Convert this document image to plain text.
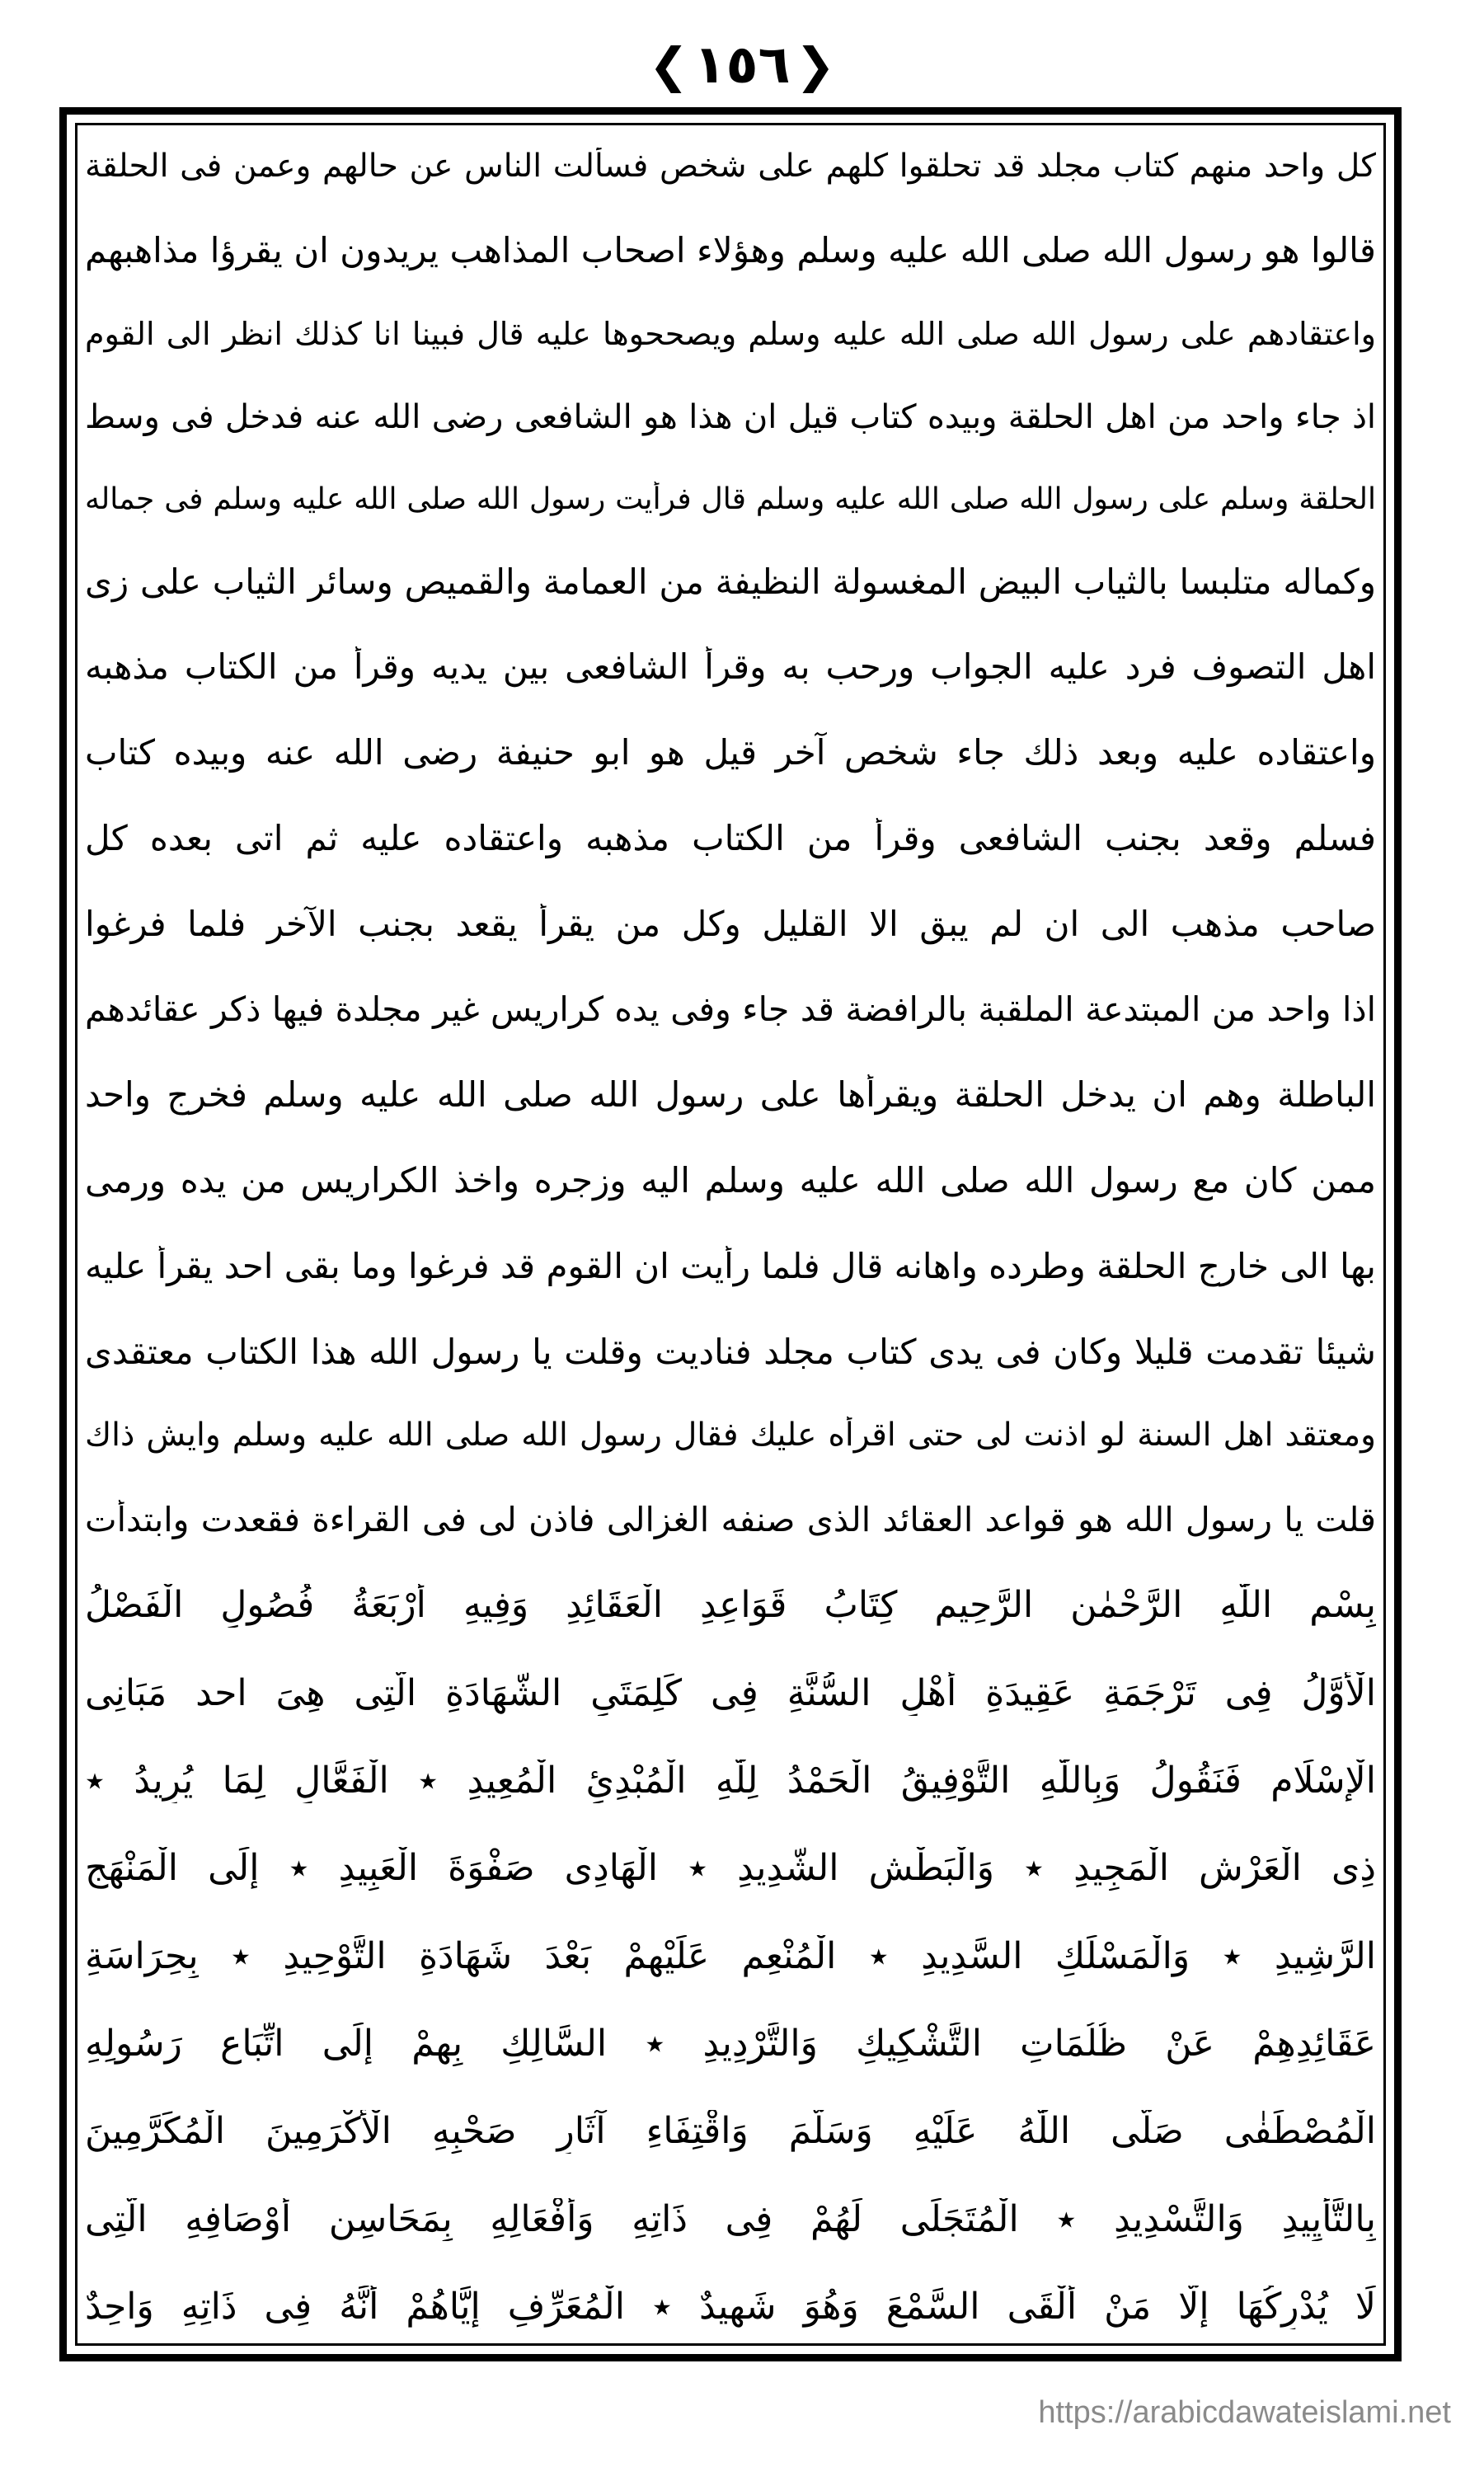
❮ ١٥٦ ❯
كل واحد منهم كتاب مجلد قد تحلقوا كلهم على شخص فسألت الناس عن حالهم وعمن فى الحلقة
قالوا هو رسول الله صلى الله عليه وسلم وهؤلاء اصحاب المذاهب يريدون ان يقرؤا مذاهبهم
واعتقادهم على رسول الله صلى الله عليه وسلم ويصححوها عليه قال فبينا انا كذلك انظر الى القوم
اذ جاء واحد من اهل الحلقة وبيده كتاب قيل ان هذا هو الشافعى رضى الله عنه فدخل فى وسط
الحلقة وسلم على رسول الله صلى الله عليه وسلم قال فرأيت رسول الله صلى الله عليه وسلم فى جماله
وكماله متلبسا بالثياب البيض المغسولة النظيفة من العمامة والقميص وسائر الثياب على زى
اهل التصوف فرد عليه الجواب ورحب به وقرأ الشافعى بين يديه وقرأ من الكتاب مذهبه
واعتقاده عليه وبعد ذلك جاء شخص آخر قيل هو ابو حنيفة رضى الله عنه وبيده كتاب
فسلم وقعد بجنب الشافعى وقرأ من الكتاب مذهبه واعتقاده عليه ثم اتى بعده كل
صاحب مذهب الى ان لم يبق الا القليل وكل من يقرأ يقعد بجنب الآخر فلما فرغوا
اذا واحد من المبتدعة الملقبة بالرافضة قد جاء وفى يده كراريس غير مجلدة فيها ذكر عقائدهم
الباطلة وهم ان يدخل الحلقة ويقرأها على رسول الله صلى الله عليه وسلم فخرج واحد
ممن كان مع رسول الله صلى الله عليه وسلم اليه وزجره واخذ الكراريس من يده ورمى
بها الى خارج الحلقة وطرده واهانه قال فلما رأيت ان القوم قد فرغوا وما بقى احد يقرأ عليه
شيئا تقدمت قليلا وكان فى يدى كتاب مجلد فناديت وقلت يا رسول الله هذا الكتاب معتقدى
ومعتقد اهل السنة لو اذنت لى حتى اقرأه عليك فقال رسول الله صلى الله عليه وسلم وايش ذاك
قلت يا رسول الله هو قواعد العقائد الذى صنفه الغزالى فاذن لى فى القراءة فقعدت وابتدأت
بِسْمِ اللّٰهِ الرَّحْمٰنِ الرَّحِيمِ كِتَابُ قَوَاعِدِ الْعَقَائِدِ وَفِيهِ أَرْبَعَةُ فُصُولٍ الْفَصْلُ
الْأَوَّلُ فِى تَرْجَمَةِ عَقِيدَةِ أَهْلِ السُّنَّةِ فِى كَلِمَتَىِ الشَّهَادَةِ الَّتِى هِىَ احد مَبَانِى
الْإِسْلَامِ فَنَقُولُ وَبِاللّٰهِ التَّوْفِيقُ الْحَمْدُ لِلّٰهِ الْمُبْدِئِ الْمُعِيدِ ٭ الْفَعَّالِ لِمَا يُرِيدُ ٭
ذِى الْعَرْشِ الْمَجِيدِ ٭ وَالْبَطْشِ الشَّدِيدِ ٭ الْهَادِى صَفْوَةَ الْعَبِيدِ ٭ إِلَى الْمَنْهَجِ
الرَّشِيدِ ٭ وَالْمَسْلَكِ السَّدِيدِ ٭ الْمُنْعِمِ عَلَيْهِمْ بَعْدَ شَهَادَةِ التَّوْحِيدِ ٭ بِحِرَاسَةِ
عَقَائِدِهِمْ عَنْ ظُلُمَاتِ التَّشْكِيكِ وَالتَّرْدِيدِ ٭ السَّالِكِ بِهِمْ إِلَى اتِّبَاعِ رَسُولِهِ
الْمُصْطَفٰى صَلَّى اللّٰهُ عَلَيْهِ وَسَلَّمَ وَاقْتِفَاءِ آثَارِ صَحْبِهِ الْأَكْرَمِينَ الْمُكَرَّمِينَ
بِالتَّأْيِيدِ وَالتَّسْدِيدِ ٭ الْمُتَجَلِّى لَهُمْ فِى ذَاتِهِ وَأَفْعَالِهِ بِمَحَاسِنِ أَوْصَافِهِ الَّتِى
لَا يُدْرِكُهَا إِلَّا مَنْ أَلْقَى السَّمْعَ وَهُوَ شَهِيدٌ ٭ الْمُعَرِّفِ إِيَّاهُمْ أَنَّهُ فِى ذَاتِهِ وَاحِدٌ
https://arabicdawateislami.net
